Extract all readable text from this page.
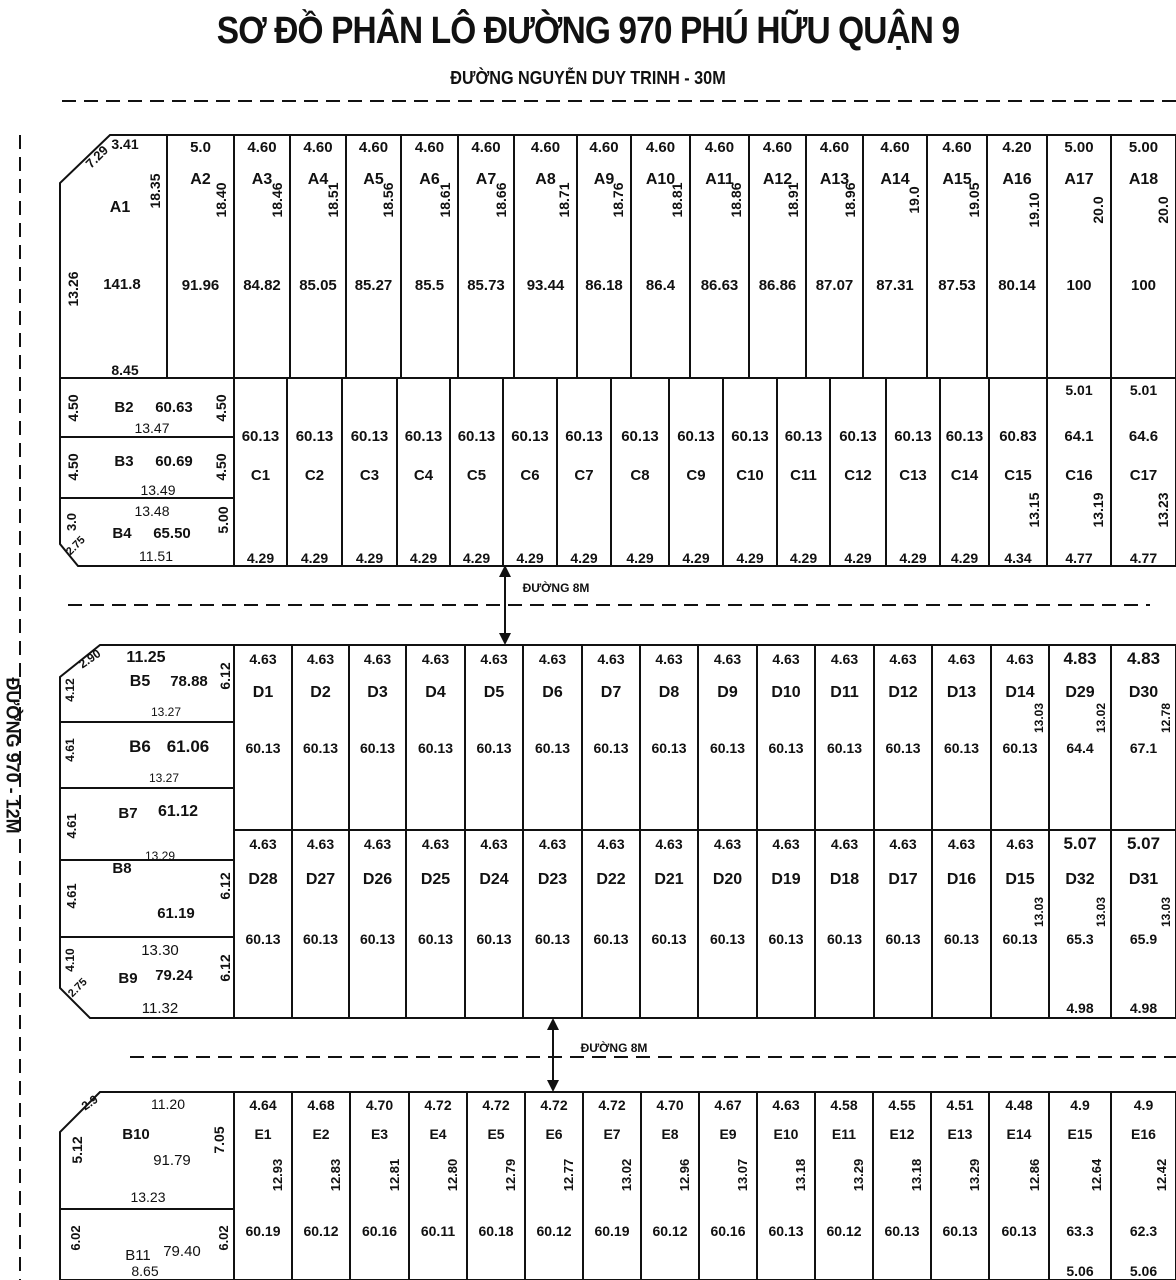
SƠ ĐỒ PHÂN LÔ ĐƯỜNG 970 PHÚ HỮU QUẬN 9
ĐƯỜNG NGUYỄN DUY TRINH - 30M
ĐƯỜNG 970 - 12M
ĐƯỜNG 8M
ĐƯỜNG 8M
3.41
7.29
A1 18.35
13.26 141.8
8.45
5.0
A2
18.40
91.96
4.60
A3
18.46
84.82
4.60
A4
18.51
85.05
4.60
A5
18.56
85.27
4.60
A6
18.61
85.5
4.60
A7
18.66
85.73
4.60
A8
18.71
93.44
4.60
A9
18.76
86.18
4.60
A10
18.81
86.4
4.60
A11
18.86
86.63
4.60
A12
18.91
86.86
4.60
A13
18.96
87.07
4.60
A14
19.0
87.31
4.60
A15
19.05
87.53
4.20
A16
19.10
80.14
5.00
A17
20.0
100
5.00
A18
20.0
100
4.50 B2 60.63 4.50
13.47
4.50 B3 60.69 4.50
13.49
13.48
3.0
2.75
B4 65.50 5.00
11.51
60.13
C1
4.29
60.13
C2
4.29
60.13
C3
4.29
60.13
C4
4.29
60.13
C5
4.29
60.13
C6
4.29
60.13
C7
4.29
60.13
C8
4.29
60.13
C9
4.29
60.13
C10
4.29
60.13
C11
4.29
60.13
C12
4.29
60.13
C13
4.29
60.13
C14
4.29
60.83
C15
4.34
13.15
64.1
C16
4.77
13.19
5.01
64.6
C17
4.77
13.23
5.01
11.25
2.90
4.12	B5 78.88 6.12
13.27
4.61	B6 61.06
13.27
4.61	B7 61.12
13.29
4.61
B8
61.19
6.12
13.30
4.10
2.75 B9 79.24 6.12
11.32
4.63
D1
60.13
4.63
D2
60.13
4.63
D3
60.13
4.63
D4
60.13
4.63
D5
60.13
4.63
D6
60.13
4.63
D7
60.13
4.63
D8
60.13
4.63
D9
60.13
4.63
D10
60.13
4.63
D11
60.13
4.63
D12
60.13
4.63
D13
60.13
4.63
D14
60.13
13.03
4.83
D29
64.4
13.02
4.83
D30
67.1
12.78
4.63
D28
60.13
4.63
D27
60.13
4.63
D26
60.13
4.63
D25
60.13
4.63
D24
60.13
4.63
D23
60.13
4.63
D22
60.13
4.63
D21
60.13
4.63
D20
60.13
4.63
D19
60.13
4.63
D18
60.13
4.63
D17
60.13
4.63
D16
60.13
4.63
D15
60.13
13.03
5.07
D32
65.3
13.03
4.98
5.07
D31
65.9
13.03
4.98
11.20
2.9
B10
5.12	91.79
7.05
13.23
6.02
B11 79.40
6.02
8.65
4.64
E1
12.93
60.19
4.68
E2
12.83
60.12
4.70
E3
12.81
60.16
4.72
E4
12.80
60.11
4.72
E5
12.79
60.18
4.72
E6
12.77
60.12
4.72
E7
13.02
60.19
4.70
E8
12.96
60.12
4.67
E9
13.07
60.16
4.63
E10
13.18
60.13
4.58
E11
13.29
60.12
4.55
E12
13.18
60.13
4.51
E13
13.29
60.13
4.48
E14
12.86
60.13
4.9
E15
12.64
63.3
5.06
4.9
E16
12.42
62.3
5.06
